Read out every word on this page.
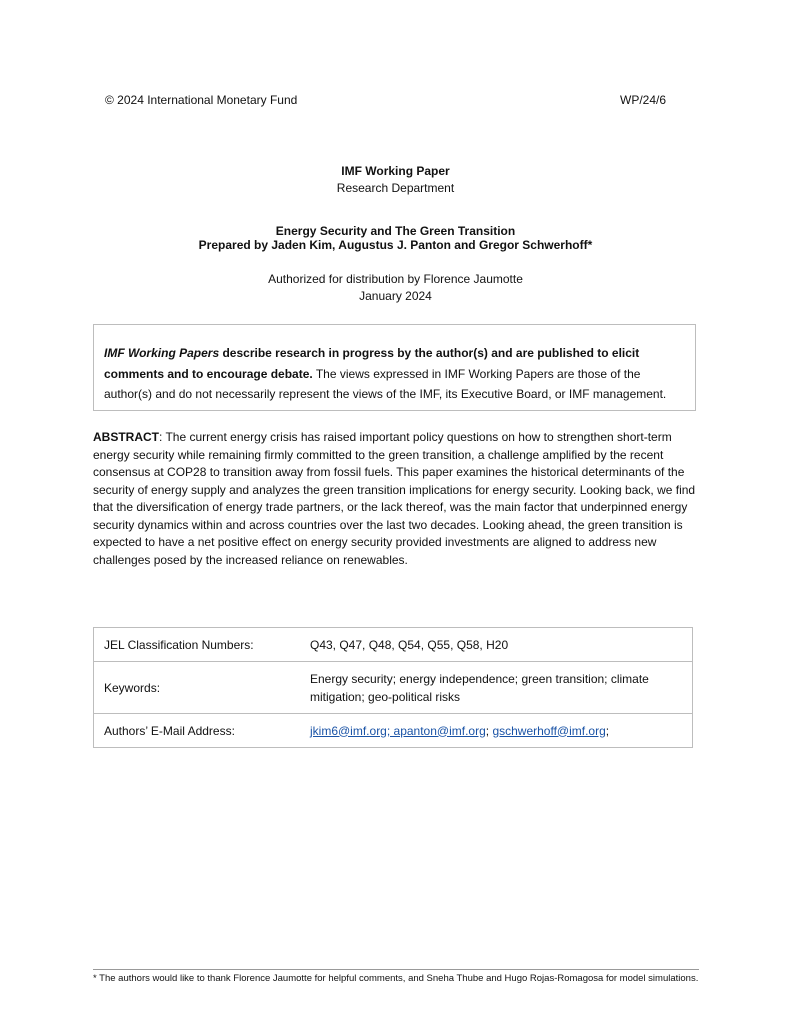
© 2024 International Monetary Fund	WP/24/6
IMF Working Paper
Research Department
Energy Security and The Green Transition
Prepared by Jaden Kim, Augustus J. Panton and Gregor Schwerhoff*
Authorized for distribution by Florence Jaumotte
January 2024
IMF Working Papers describe research in progress by the author(s) and are published to elicit comments and to encourage debate. The views expressed in IMF Working Papers are those of the author(s) and do not necessarily represent the views of the IMF, its Executive Board, or IMF management.
ABSTRACT: The current energy crisis has raised important policy questions on how to strengthen short-term energy security while remaining firmly committed to the green transition, a challenge amplified by the recent consensus at COP28 to transition away from fossil fuels. This paper examines the historical determinants of the security of energy supply and analyzes the green transition implications for energy security. Looking back, we find that the diversification of energy trade partners, or the lack thereof, was the main factor that underpinned energy security dynamics within and across countries over the last two decades. Looking ahead, the green transition is expected to have a net positive effect on energy security provided investments are aligned to address new challenges posed by the increased reliance on renewables.
JEL Classification Numbers:	Q43, Q47, Q48, Q54, Q55, Q58, H20
Keywords:	Energy security; energy independence; green transition; climate mitigation; geo-political risks
Authors’ E-Mail Address:	jkim6@imf.org; apanton@imf.org; gschwerhoff@imf.org;
* The authors would like to thank Florence Jaumotte for helpful comments, and Sneha Thube and Hugo Rojas-Romagosa for model simulations.
